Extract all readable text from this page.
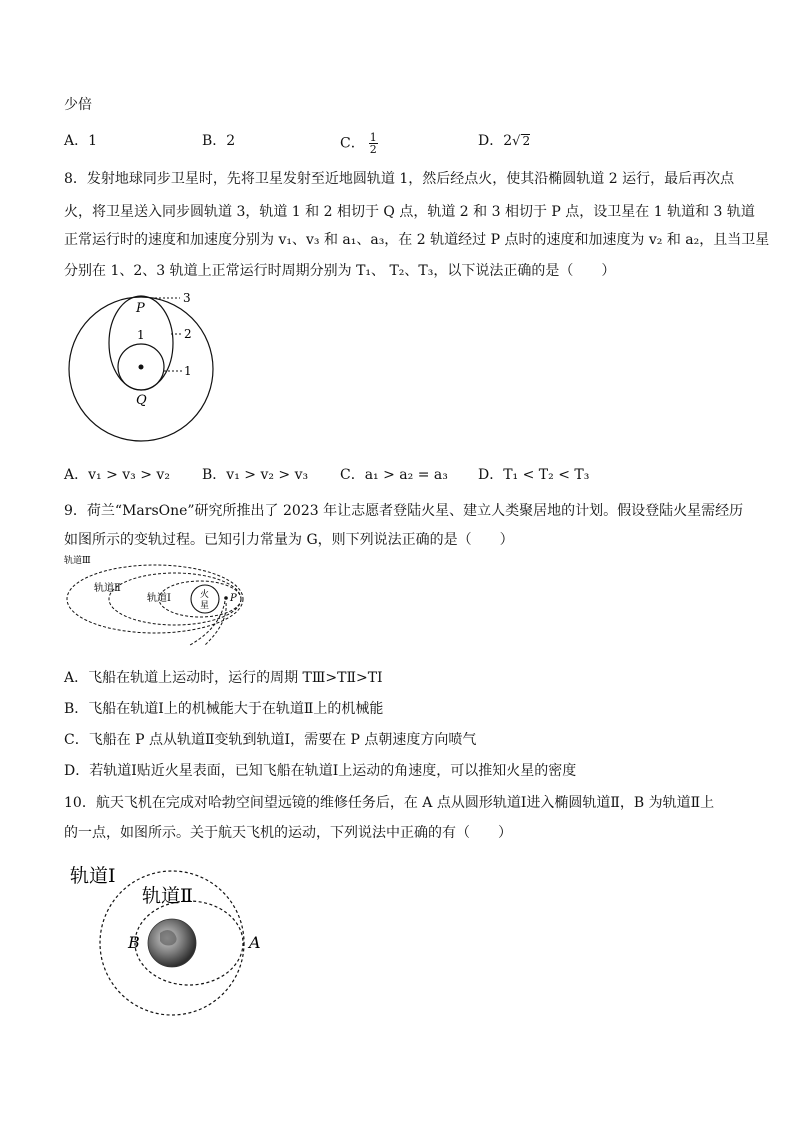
少倍
A．1	B．2	C． $\frac{1}{2}$	D．2√ 2
8．发射地球同步卫星时，先将卫星发射至近地圆轨道 1，然后经点火，使其沿椭圆轨道 2 运行，最后再次点
火，将卫星送入同步圆轨道 3，轨道 1 和 2 相切于 Q 点，轨道 2 和 3 相切于 P 点，设卫星在 1 轨道和 3 轨道
正常运行时的速度和加速度分别为 v₁、v₃ 和 a₁、a₃，在 2 轨道经过 P 点时的速度和加速度为 v₂ 和 a₂，且当卫星
分别在 1、2、3 轨道上正常运行时周期分别为 T₁、 T₂、T₃，以下说法正确的是（　　）
P
1
3
2
1
Q
A．v₁ > v₃ > v₂	B．v₁ > v₂ > v₃	C．a₁ > a₂ = a₃	D．T₁ < T₂ < T₃
9．荷兰“MarsOne”研究所推出了 2023 年让志愿者登陆火星、建立人类聚居地的计划。假设登陆火星需经历
如图所示的变轨过程。已知引力常量为 G，则下列说法正确的是（　　）
轨道Ⅲ
轨道Ⅱ
轨道Ⅰ	火
星
P
A．飞船在轨道上运动时，运行的周期 TⅢ>TⅡ>TⅠ
B．飞船在轨道Ⅰ上的机械能大于在轨道Ⅱ上的机械能
C．飞船在 P 点从轨道Ⅱ变轨到轨道Ⅰ，需要在 P 点朝速度方向喷气
D．若轨道Ⅰ贴近火星表面，已知飞船在轨道Ⅰ上运动的角速度，可以推知火星的密度
10．航天飞机在完成对哈勃空间望远镜的维修任务后，在 A 点从圆形轨道Ⅰ进入椭圆轨道Ⅱ，B 为轨道Ⅱ上
的一点，如图所示。关于航天飞机的运动，下列说法中正确的有（　　）
轨道Ⅰ
轨道Ⅱ
B	A
